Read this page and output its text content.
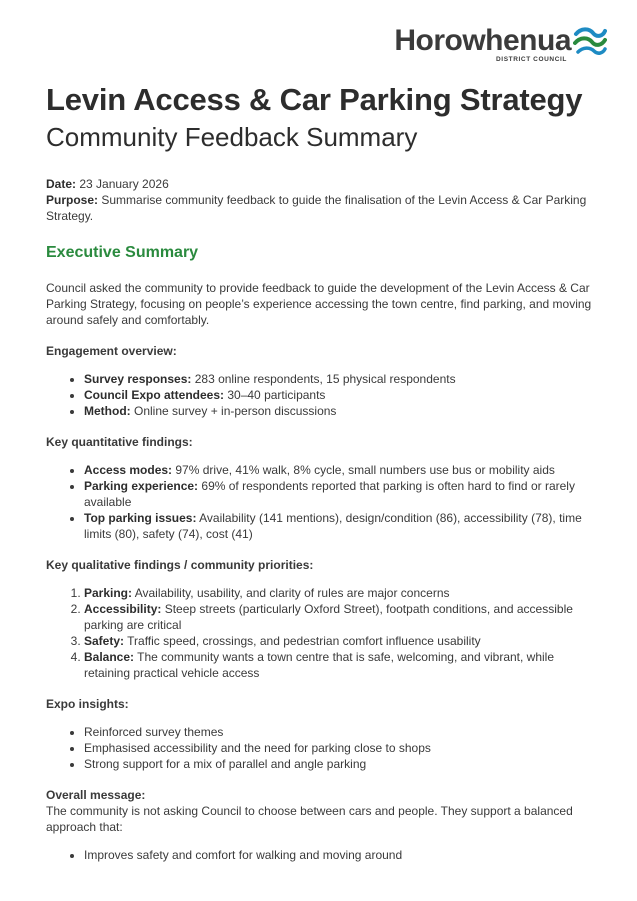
Horowhenua
DISTRICT COUNCIL
Levin Access & Car Parking Strategy
Community Feedback Summary
Date: 23 January 2026
Purpose: Summarise community feedback to guide the finalisation of the Levin Access & Car Parking Strategy.
Executive Summary

Council asked the community to provide feedback to guide the development of the Levin Access & Car Parking Strategy, focusing on people’s experience accessing the town centre, find parking, and moving around safely and comfortably.

Engagement overview:

• Survey responses: 283 online respondents, 15 physical respondents
• Council Expo attendees: 30–40 participants
• Method: Online survey + in-person discussions

Key quantitative findings:

• Access modes: 97% drive, 41% walk, 8% cycle, small numbers use bus or mobility aids
• Parking experience: 69% of respondents reported that parking is often hard to find or rarely available
• Top parking issues: Availability (141 mentions), design/condition (86), accessibility (78), time limits (80), safety (74), cost (41)

Key qualitative findings / community priorities:

1. Parking: Availability, usability, and clarity of rules are major concerns
2. Accessibility: Steep streets (particularly Oxford Street), footpath conditions, and accessible parking are critical
3. Safety: Traffic speed, crossings, and pedestrian comfort influence usability
4. Balance: The community wants a town centre that is safe, welcoming, and vibrant, while retaining practical vehicle access

Expo insights:

• Reinforced survey themes
• Emphasised accessibility and the need for parking close to shops
• Strong support for a mix of parallel and angle parking

Overall message:

The community is not asking Council to choose between cars and people. They support a balanced approach that:

• Improves safety and comfort for walking and moving around
